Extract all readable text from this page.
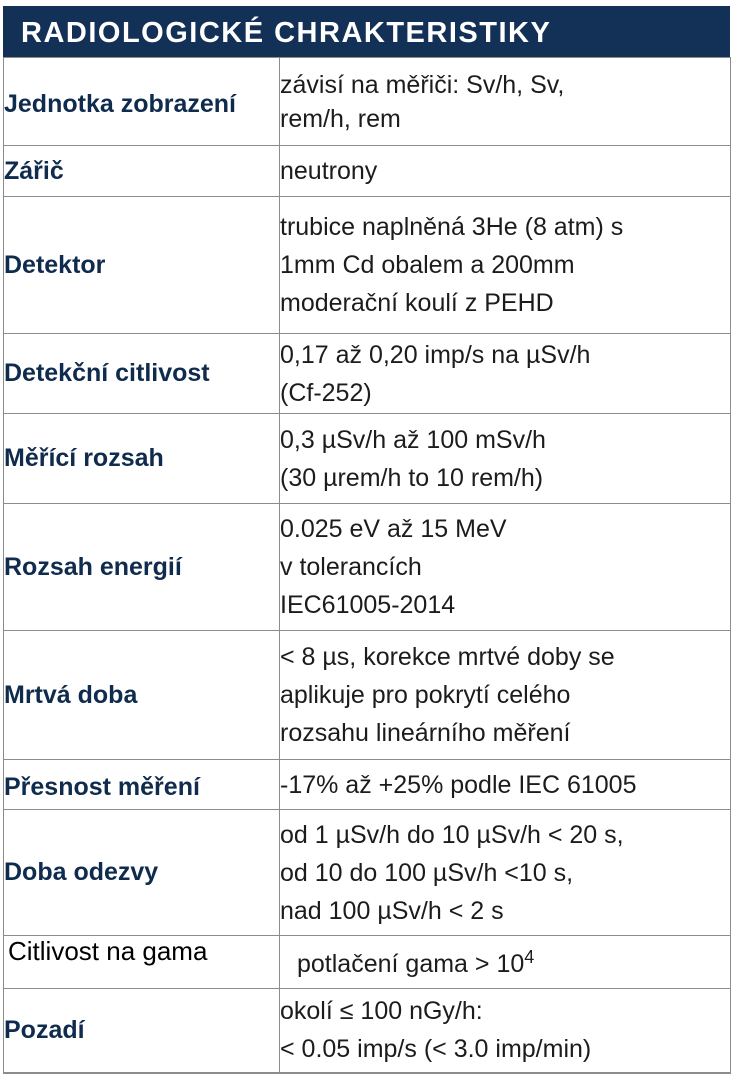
RADIOLOGICKÉ CHRAKTERISTIKY
Jednotka zobrazení	závisí na měřiči: Sv/h, Sv,
rem/h, rem

Zářič	neutrony

Detektor	trubice naplněná 3He (8 atm) s
1mm Cd obalem a 200mm
moderační koulí z PEHD

Detekční citlivost	0,17 až 0,20 imp/s na µSv/h
(Cf-252)

Měřící rozsah	0,3 µSv/h až 100 mSv/h
(30 µrem/h to 10 rem/h)

Rozsah energií	0.025 eV až 15 MeV
v tolerancích
IEC61005-2014

Mrtvá doba	< 8 µs, korekce mrtvé doby se
aplikuje pro pokrytí celého
rozsahu lineárního měření

Přesnost měření	-17% až +25% podle IEC 61005

Doba odezvy	od 1 µSv/h do 10 µSv/h < 20 s,
od 10 do 100 µSv/h <10 s,
nad 100 µSv/h < 2 s

Citlivost na gama	potlačení gama > $10^4$
Pozadí	okolí ≤ 100 nGy/h:
< 0.05 imp/s (< 3.0 imp/min)
